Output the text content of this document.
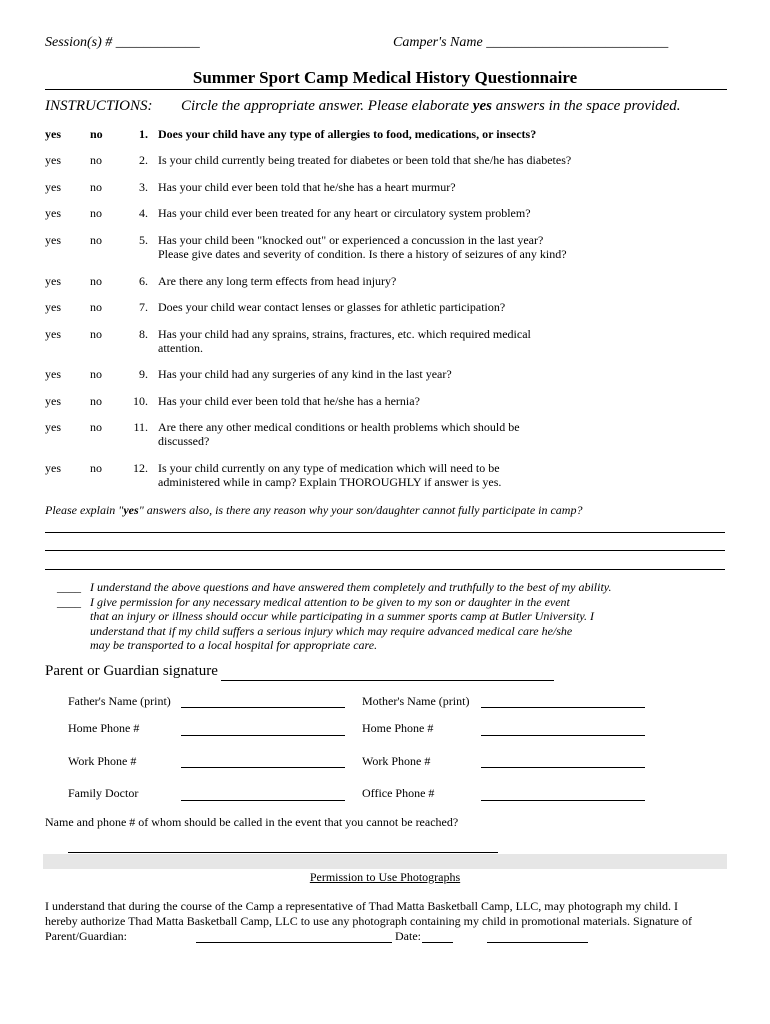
Session(s) # ____________	Camper's Name __________________________
Summer Sport Camp Medical History Questionnaire
INSTRUCTIONS: Circle the appropriate answer. Please elaborate yes answers in the space provided.
yes no	1. Does your child have any type of allergies to food, medications, or insects?
yes no	2. Is your child currently being treated for diabetes or been told that she/he has diabetes?
yes no	3. Has your child ever been told that he/she has a heart murmur?
yes no	4. Has your child ever been treated for any heart or circulatory system problem?
yes no	5. Has your child been "knocked out" or experienced a concussion in the last year?
Please give dates and severity of condition. Is there a history of seizures of any kind?
yes no	6. Are there any long term effects from head injury?
yes no	7. Does your child wear contact lenses or glasses for athletic participation?
yes no	8. Has your child had any sprains, strains, fractures, etc. which required medical
attention.
yes no	9. Has your child had any surgeries of any kind in the last year?
yes no	10. Has your child ever been told that he/she has a hernia?
yes no	11. Are there any other medical conditions or health problems which should be
discussed?
yes no	12. Is your child currently on any type of medication which will need to be
administered while in camp? Explain THOROUGHLY if answer is yes.
Please explain "yes" answers also, is there any reason why your son/daughter cannot fully participate in camp?
____ I understand the above questions and have answered them completely and truthfully to the best of my ability.
____ I give permission for any necessary medical attention to be given to my son or daughter in the event
that an injury or illness should occur while participating in a summer sports camp at Butler University. I
understand that if my child suffers a serious injury which may require advanced medical care he/she
may be transported to a local hospital for appropriate care.
Parent or Guardian signature
Father's Name (print)	Mother's Name (print)
Home Phone #	Home Phone #
Work Phone #	Work Phone #
Family Doctor	Office Phone #
Name and phone # of whom should be called in the event that you cannot be reached?
Permission to Use Photographs
I understand that during the course of the Camp a representative of Thad Matta Basketball Camp, LLC, may photograph my child. I
hereby authorize Thad Matta Basketball Camp, LLC to use any photograph containing my child in promotional materials. Signature of
Parent/Guardian:	Date:
